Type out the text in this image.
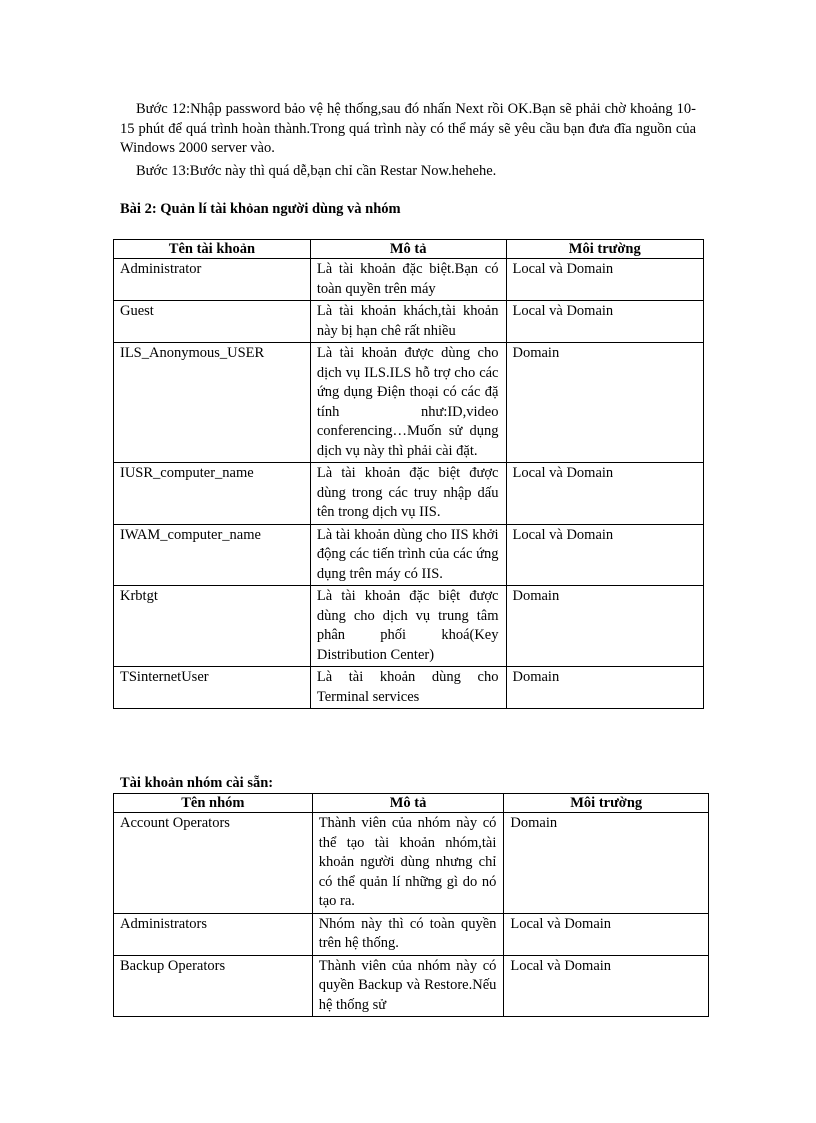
Bước 12:Nhập password bảo vệ hệ thống,sau đó nhấn Next rồi OK.Bạn sẽ phải chờ khoảng 10-15 phút để quá trình hoàn thành.Trong quá trình này có thể máy sẽ yêu cầu bạn đưa đĩa nguồn của Windows 2000 server vào.

Bước 13:Bước này thì quá dễ,bạn chỉ cần Restar Now.hehehe.

Bài 2: Quản lí tài khỏan người dùng và nhóm

Tên tài khoản	Mô tả	Môi trường
Administrator	Là tài khoản đặc biệt.Bạn có toàn quyền trên máy	Local và Domain
Guest	Là tài khoản khách,tài khoản này bị hạn chê rất nhiều	Local và Domain
ILS_Anonymous_USER	Là tài khoản được dùng cho dịch vụ ILS.ILS hỗ trợ cho các ứng dụng Điện thoại có các đặ tính như:ID,video conferencing…Muốn sử dụng dịch vụ này thì phải cài đặt.	Domain
IUSR_computer_name	Là tài khoản đặc biệt được dùng trong các truy nhập dấu tên trong dịch vụ IIS.	Local và Domain
IWAM_computer_name	Là tài khoản dùng cho IIS khởi động các tiến trình của các ứng dụng trên máy có IIS.	Local và Domain
Krbtgt	Là tài khoản đặc biệt được dùng cho dịch vụ trung tâm phân phối khoá(Key Distribution Center)	Domain
TSinternetUser	Là tài khoản dùng cho Terminal services	Domain

Tài khoản nhóm cài sẵn:

Tên nhóm	Mô tả	Môi trường
Account Operators	Thành viên của nhóm này có thể tạo tài khoản nhóm,tài khoản người dùng nhưng chỉ có thể quản lí những gì do nó tạo ra.	Domain
Administrators	Nhóm này thì có toàn quyền trên hệ thống.	Local và Domain
Backup Operators	Thành viên của nhóm này có quyền Backup và Restore.Nếu hệ thống sử	Local và Domain
